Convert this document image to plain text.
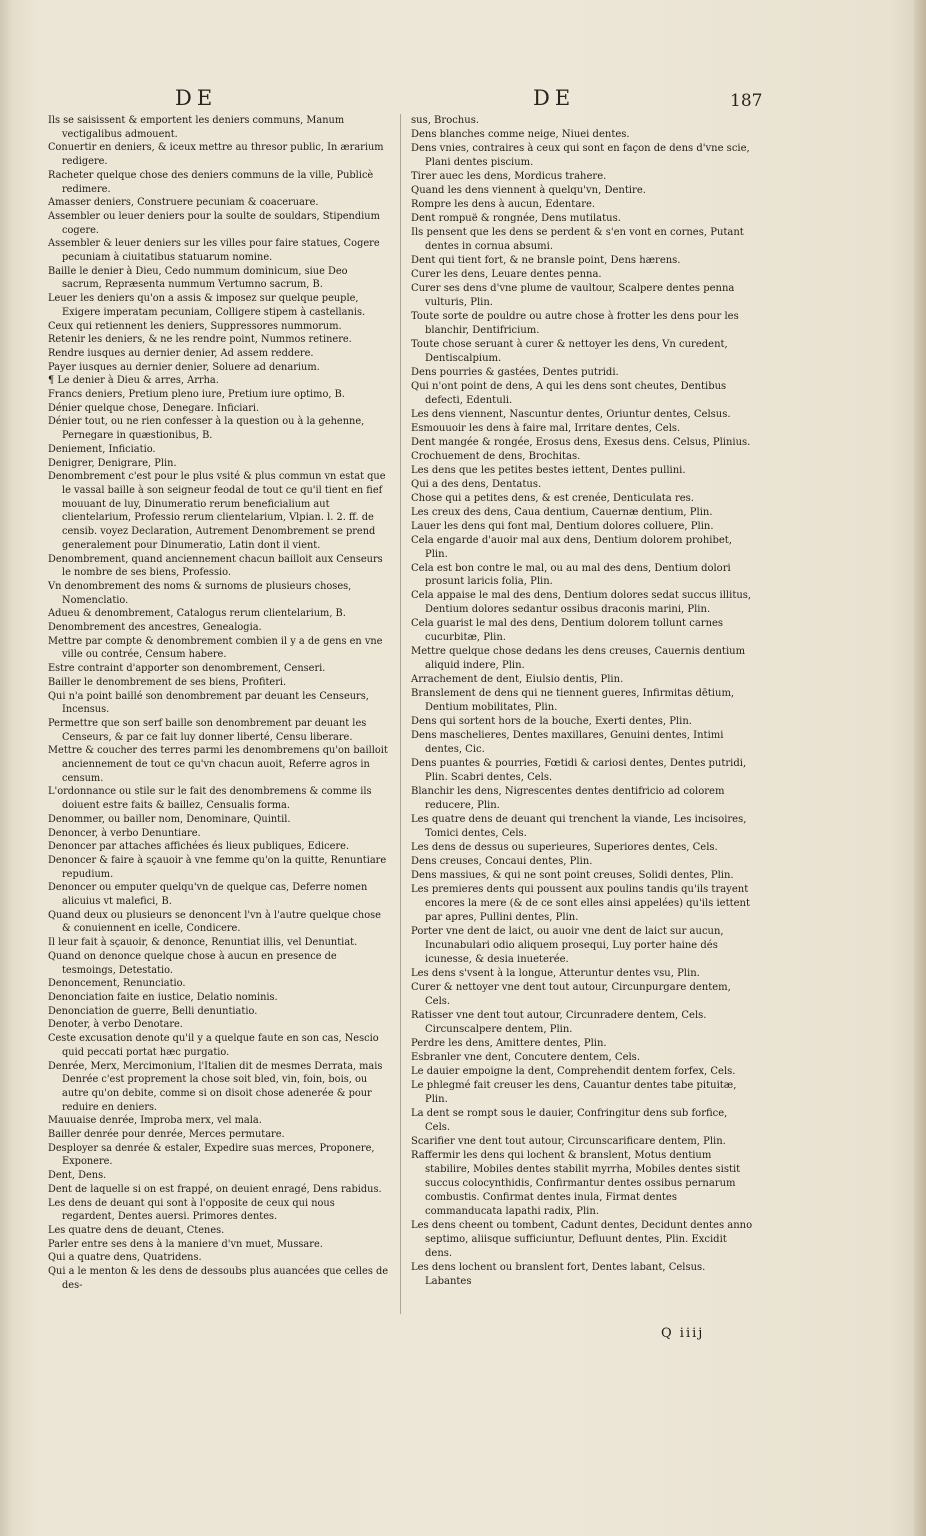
DE	DE	187

Ils se saisissent & emportent les deniers communs, Manum vectigalibus admouent.

Conuertir en deniers, & iceux mettre au thresor public, In ærarium redigere.

Racheter quelque chose des deniers communs de la ville, Publicè redimere.

Amasser deniers, Construere pecuniam & coaceruare.

Assembler ou leuer deniers pour la soulte de souldars, Stipendium cogere.

Assembler & leuer deniers sur les villes pour faire statues, Cogere pecuniam à ciuitatibus statuarum nomine.

Baille le denier à Dieu, Cedo nummum dominicum, siue Deo sacrum, Repræsenta nummum Vertumno sacrum, B.

Leuer les deniers qu'on a assis & imposez sur quelque peuple, Exigere imperatam pecuniam, Colligere stipem à castellanis.

Ceux qui retiennent les deniers, Suppressores nummorum.

Retenir les deniers, & ne les rendre point, Nummos retinere.

Rendre iusques au dernier denier, Ad assem reddere.

Payer iusques au dernier denier, Soluere ad denarium.

¶ Le denier à Dieu & arres, Arrha.

Francs deniers, Pretium pleno iure, Pretium iure optimo, B.

Dénier quelque chose, Denegare. Inficiari.

Dénier tout, ou ne rien confesser à la question ou à la gehenne, Pernegare in quæstionibus, B.

Deniement, Inficiatio.

Denigrer, Denigrare, Plin.

Denombrement c'est pour le plus vsité & plus commun vn estat que le vassal baille à son seigneur feodal de tout ce qu'il tient en fief mouuant de luy, Dinumeratio rerum beneficialium aut clientelarium, Professio rerum clientelarium, Vlpian. l. 2. ff. de censib. voyez Declaration, Autrement Denombrement se prend generalement pour Dinumeratio, Latin dont il vient.

Denombrement, quand anciennement chacun bailloit aux Censeurs le nombre de ses biens, Professio.

Vn denombrement des noms & surnoms de plusieurs choses, Nomenclatio.

Adueu & denombrement, Catalogus rerum clientelarium, B.

Denombrement des ancestres, Genealogia.

Mettre par compte & denombrement combien il y a de gens en vne ville ou contrée, Censum habere.

Estre contraint d'apporter son denombrement, Censeri.

Bailler le denombrement de ses biens, Profiteri.

Qui n'a point baillé son denombrement par deuant les Censeurs, Incensus.

Permettre que son serf baille son denombrement par deuant les Censeurs, & par ce fait luy donner liberté, Censu liberare.

Mettre & coucher des terres parmi les denombremens qu'on bailloit anciennement de tout ce qu'vn chacun auoit, Referre agros in censum.

L'ordonnance ou stile sur le fait des denombremens & comme ils doiuent estre faits & baillez, Censualis forma.

Denommer, ou bailler nom, Denominare, Quintil.

Denoncer, à verbo Denuntiare.

Denoncer par attaches affichées és lieux publiques, Edicere.

Denoncer & faire à sçauoir à vne femme qu'on la quitte, Renuntiare repudium.

Denoncer ou emputer quelqu'vn de quelque cas, Deferre nomen alicuius vt malefici, B.

Quand deux ou plusieurs se denoncent l'vn à l'autre quelque chose & conuiennent en icelle, Condicere.

Il leur fait à sçauoir, & denonce, Renuntiat illis, vel Denuntiat.

Quand on denonce quelque chose à aucun en presence de tesmoings, Detestatio.

Denoncement, Renunciatio.

Denonciation faite en iustice, Delatio nominis.

Denonciation de guerre, Belli denuntiatio.

Denoter, à verbo Denotare.

Ceste excusation denote qu'il y a quelque faute en son cas, Nescio quid peccati portat hæc purgatio.

Denrée, Merx, Mercimonium, l'Italien dit de mesmes Derrata, mais Denrée c'est proprement la chose soit bled, vin, foin, bois, ou autre qu'on debite, comme si on disoit chose adenerée & pour reduire en deniers.

Mauuaise denrée, Improba merx, vel mala.

Bailler denrée pour denrée, Merces permutare.

Desployer sa denrée & estaler, Expedire suas merces, Proponere, Exponere.

Dent, Dens.

Dent de laquelle si on est frappé, on deuient enragé, Dens rabidus.

Les dens de deuant qui sont à l'opposite de ceux qui nous regardent, Dentes auersi. Primores dentes.

Les quatre dens de deuant, Ctenes.

Parler entre ses dens à la maniere d'vn muet, Mussare.

Qui a quatre dens, Quatridens.

Qui a le menton & les dens de dessoubs plus auancées que celles de des-

sus, Brochus.

Dens blanches comme neige, Niuei dentes.

Dens vnies, contraires à ceux qui sont en façon de dens d'vne scie, Plani dentes piscium.

Tirer auec les dens, Mordicus trahere.

Quand les dens viennent à quelqu'vn, Dentire.

Rompre les dens à aucun, Edentare.

Dent rompuë & rongnée, Dens mutilatus.

Ils pensent que les dens se perdent & s'en vont en cornes, Putant dentes in cornua absumi.

Dent qui tient fort, & ne bransle point, Dens hærens.

Curer les dens, Leuare dentes penna.

Curer ses dens d'vne plume de vaultour, Scalpere dentes penna vulturis, Plin.

Toute sorte de pouldre ou autre chose à frotter les dens pour les blanchir, Dentifricium.

Toute chose seruant à curer & nettoyer les dens, Vn curedent, Dentiscalpium.

Dens pourries & gastées, Dentes putridi.

Qui n'ont point de dens, A qui les dens sont cheutes, Dentibus defecti, Edentuli.

Les dens viennent, Nascuntur dentes, Oriuntur dentes, Celsus.

Esmouuoir les dens à faire mal, Irritare dentes, Cels.

Dent mangée & rongée, Erosus dens, Exesus dens. Celsus, Plinius.

Crochuement de dens, Brochitas.

Les dens que les petites bestes iettent, Dentes pullini.

Qui a des dens, Dentatus.

Chose qui a petites dens, & est crenée, Denticulata res.

Les creux des dens, Caua dentium, Cauernæ dentium, Plin.

Lauer les dens qui font mal, Dentium dolores colluere, Plin.

Cela engarde d'auoir mal aux dens, Dentium dolorem prohibet, Plin.

Cela est bon contre le mal, ou au mal des dens, Dentium dolori prosunt laricis folia, Plin.

Cela appaise le mal des dens, Dentium dolores sedat succus illitus, Dentium dolores sedantur ossibus draconis marini, Plin.

Cela guarist le mal des dens, Dentium dolorem tollunt carnes cucurbitæ, Plin.

Mettre quelque chose dedans les dens creuses, Cauernis dentium aliquid indere, Plin.

Arrachement de dent, Eiulsio dentis, Plin.

Branslement de dens qui ne tiennent gueres, Infirmitas dētium, Dentium mobilitates, Plin.

Dens qui sortent hors de la bouche, Exerti dentes, Plin.

Dens maschelieres, Dentes maxillares, Genuini dentes, Intimi dentes, Cic.

Dens puantes & pourries, Fœtidi & cariosi dentes, Dentes putridi, Plin. Scabri dentes, Cels.

Blanchir les dens, Nigrescentes dentes dentifricio ad colorem reducere, Plin.

Les quatre dens de deuant qui trenchent la viande, Les incisoires, Tomici dentes, Cels.

Les dens de dessus ou superieures, Superiores dentes, Cels.

Dens creuses, Concaui dentes, Plin.

Dens massiues, & qui ne sont point creuses, Solidi dentes, Plin.

Les premieres dents qui poussent aux poulins tandis qu'ils trayent encores la mere (& de ce sont elles ainsi appelées) qu'ils iettent par apres, Pullini dentes, Plin.

Porter vne dent de laict, ou auoir vne dent de laict sur aucun, Incunabulari odio aliquem prosequi, Luy porter haine dés icunesse, & desia inueterée.

Les dens s'vsent à la longue, Atteruntur dentes vsu, Plin.

Curer & nettoyer vne dent tout autour, Circunpurgare dentem, Cels.

Ratisser vne dent tout autour, Circunradere dentem, Cels. Circunscalpere dentem, Plin.

Perdre les dens, Amittere dentes, Plin.

Esbranler vne dent, Concutere dentem, Cels.

Le dauier empoigne la dent, Comprehendit dentem forfex, Cels.

Le phlegmé fait creuser les dens, Cauantur dentes tabe pituitæ, Plin.

La dent se rompt sous le dauier, Confringitur dens sub forfice, Cels.

Scarifier vne dent tout autour, Circunscarificare dentem, Plin.

Raffermir les dens qui lochent & branslent, Motus dentium stabilire, Mobiles dentes stabilit myrrha, Mobiles dentes sistit succus colocynthidis, Confirmantur dentes ossibus pernarum combustis. Confirmat dentes inula, Firmat dentes commanducata lapathi radix, Plin.

Les dens cheent ou tombent, Cadunt dentes, Decidunt dentes anno septimo, aliisque sufficiuntur, Defluunt dentes, Plin. Excidit dens.

Les dens lochent ou branslent fort, Dentes labant, Celsus. Labantes

Q iiij
